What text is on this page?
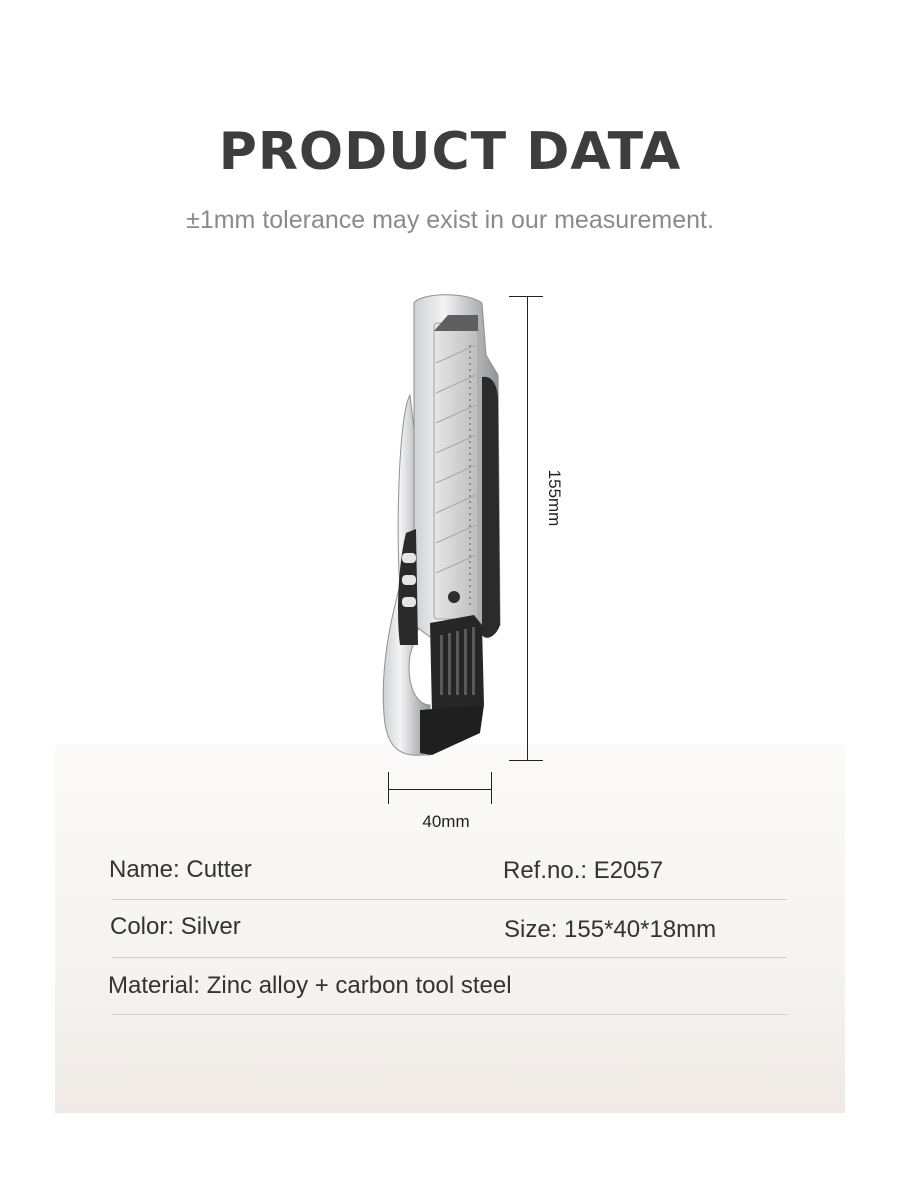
PRODUCT DATA
±1mm tolerance may exist in our measurement.
155mm
40mm
Name: Cutter	Ref.no.: E2057
Color: Silver	Size: 155*40*18mm
Material: Zinc alloy + carbon tool steel
